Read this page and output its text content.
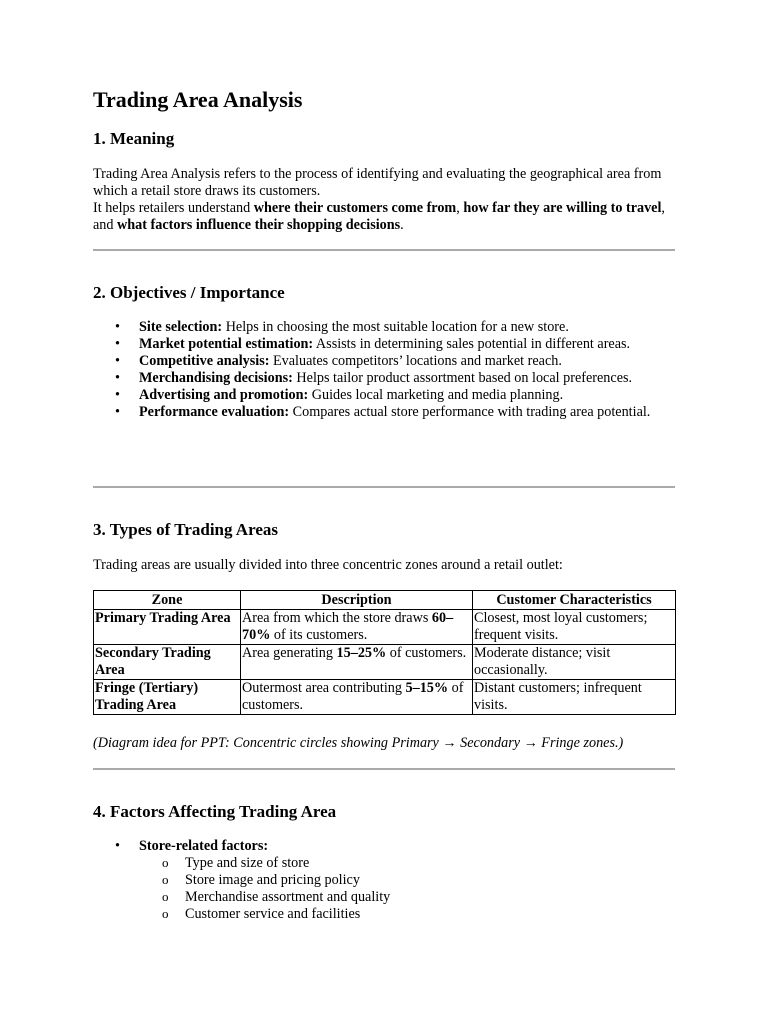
Trading Area Analysis
1. Meaning

Trading Area Analysis refers to the process of identifying and evaluating the geographical area from which a retail store draws its customers.

It helps retailers understand where their customers come from, how far they are willing to travel, and what factors influence their shopping decisions.

2. Objectives / Importance
• Site selection: Helps in choosing the most suitable location for a new store.
• Market potential estimation: Assists in determining sales potential in different areas.
• Competitive analysis: Evaluates competitors’ locations and market reach.
• Merchandising decisions: Helps tailor product assortment based on local preferences.
• Advertising and promotion: Guides local marketing and media planning.
• Performance evaluation: Compares actual store performance with trading area potential.
3. Types of Trading Areas

Trading areas are usually divided into three concentric zones around a retail outlet:

Zone	Description	Customer Characteristics
Primary Trading Area	Area from which the store draws 60–70% of its customers.	Closest, most loyal customers; frequent visits.
Secondary Trading Area	Area generating 15–25% of customers.	Moderate distance; visit occasionally.
Fringe (Tertiary) Trading Area	Outermost area contributing 5–15% of customers.	Distant customers; infrequent visits.

(Diagram idea for PPT: Concentric circles showing Primary → Secondary → Fringe zones.)

4. Factors Affecting Trading Area
• Store-related factors:
o Type and size of store
o Store image and pricing policy
o Merchandise assortment and quality
o Customer service and facilities
